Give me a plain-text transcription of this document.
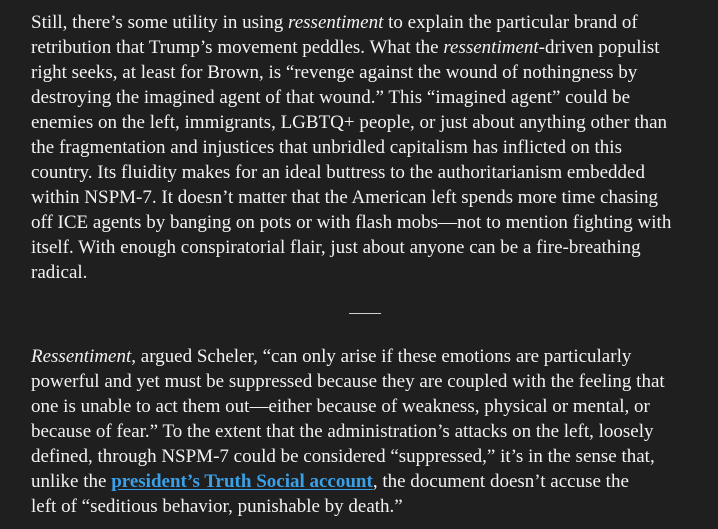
Still, there’s some utility in using ressentiment to explain the particular brand of
retribution that Trump’s movement peddles. What the ressentiment-driven populist
right seeks, at least for Brown, is “revenge against the wound of nothingness by
destroying the imagined agent of that wound.” This “imagined agent” could be
enemies on the left, immigrants, LGBTQ+ people, or just about anything other than
the fragmentation and injustices that unbridled capitalism has inflicted on this
country. Its fluidity makes for an ideal buttress to the authoritarianism embedded
within NSPM-7. It doesn’t matter that the American left spends more time chasing
off ICE agents by banging on pots or with flash mobs—not to mention fighting with
itself. With enough conspiratorial flair, just about anyone can be a fire-breathing
radical.

Ressentiment, argued Scheler, “can only arise if these emotions are particularly
powerful and yet must be suppressed because they are coupled with the feeling that
one is unable to act them out—either because of weakness, physical or mental, or
because of fear.” To the extent that the administration’s attacks on the left, loosely
defined, through NSPM-7 could be considered “suppressed,” it’s in the sense that,
unlike the president’s Truth Social account, the document doesn’t accuse the
left of “seditious behavior, punishable by death.”
